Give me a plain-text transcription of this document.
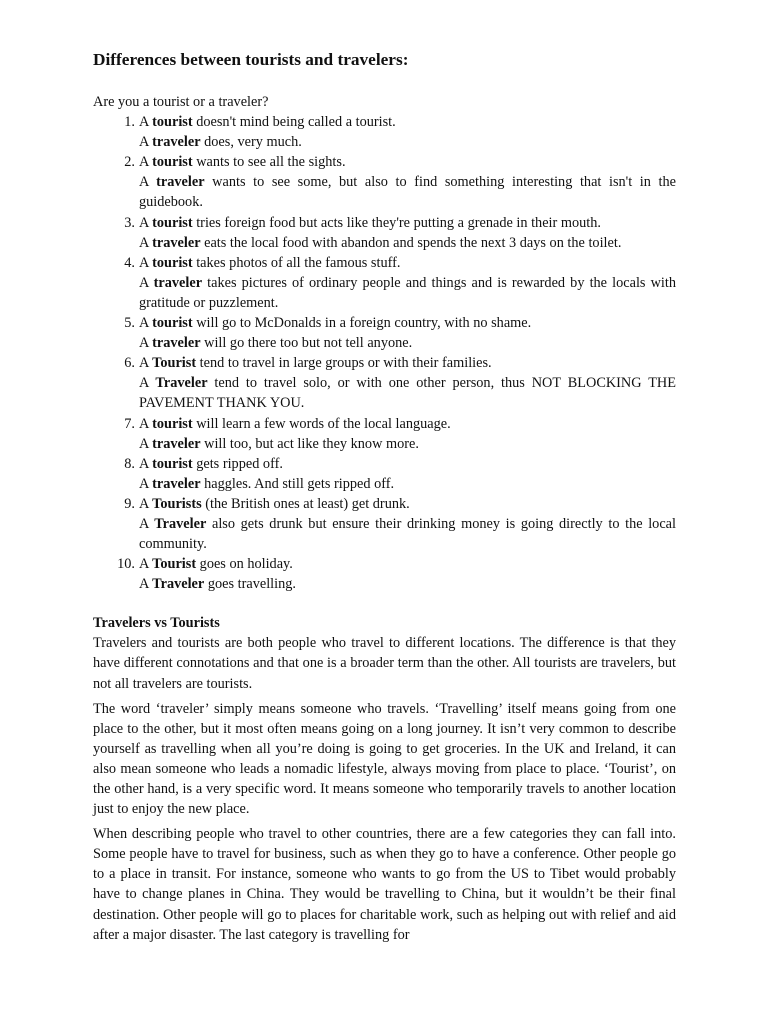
Differences between tourists and travelers:

Are you a tourist or a traveler?

1. A tourist doesn't mind being called a tourist.
A traveler does, very much.
2. A tourist wants to see all the sights.
A traveler wants to see some, but also to find something interesting that isn't in the guidebook.
3. A tourist tries foreign food but acts like they're putting a grenade in their mouth.
A traveler eats the local food with abandon and spends the next 3 days on the toilet.
4. A tourist takes photos of all the famous stuff.
A traveler takes pictures of ordinary people and things and is rewarded by the locals with gratitude or puzzlement.
5. A tourist will go to McDonalds in a foreign country, with no shame.
A traveler will go there too but not tell anyone.
6. A Tourist tend to travel in large groups or with their families.
A Traveler tend to travel solo, or with one other person, thus NOT BLOCKING THE PAVEMENT THANK YOU.
7. A tourist will learn a few words of the local language.
A traveler will too, but act like they know more.
8. A tourist gets ripped off.
A traveler haggles. And still gets ripped off.
9. A Tourists (the British ones at least) get drunk.
A Traveler also gets drunk but ensure their drinking money is going directly to the local community.
10. A Tourist goes on holiday.
A Traveler goes travelling.
Travelers vs Tourists

Travelers and tourists are both people who travel to different locations. The difference is that they have different connotations and that one is a broader term than the other. All tourists are travelers, but not all travelers are tourists.

The word ‘traveler’ simply means someone who travels. ‘Travelling’ itself means going from one place to the other, but it most often means going on a long journey. It isn’t very common to describe yourself as travelling when all you’re doing is going to get groceries. In the UK and Ireland, it can also mean someone who leads a nomadic lifestyle, always moving from place to place. ‘Tourist’, on the other hand, is a very specific word. It means someone who temporarily travels to another location just to enjoy the new place.

When describing people who travel to other countries, there are a few categories they can fall into. Some people have to travel for business, such as when they go to have a conference. Other people go to a place in transit. For instance, someone who wants to go from the US to Tibet would probably have to change planes in China. They would be travelling to China, but it wouldn’t be their final destination. Other people will go to places for charitable work, such as helping out with relief and aid after a major disaster. The last category is travelling for
